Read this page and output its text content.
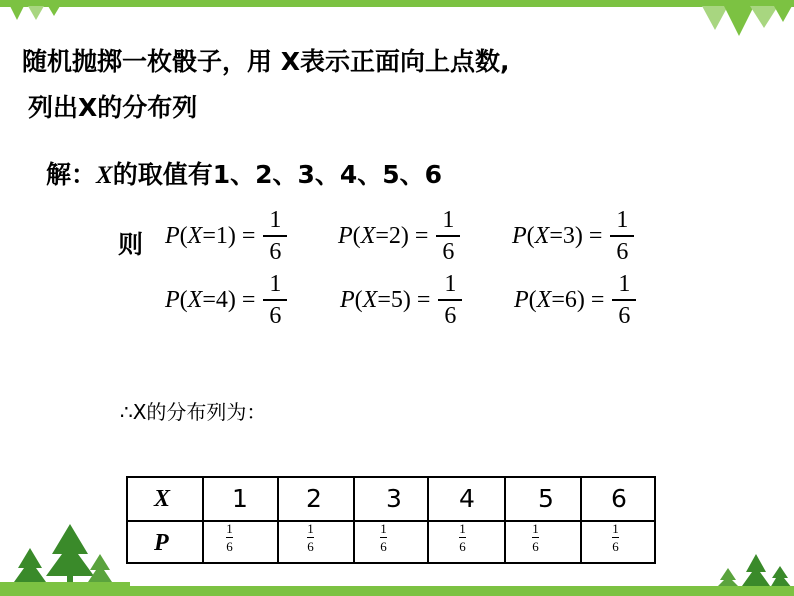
随机抛掷一枚骰子，用 X表示正面向上点数,
列出X的分布列
解：X的取值有1、2、3、4、5、6
则 P ( X = 1 ) = $\frac{1}{6}$ P ( X = 2 ) = $\frac{1}{6}$ P ( X = 3 ) = $\frac{1}{6}$
P ( X = 4 ) = $\frac{1}{6}$ P ( X = 5 ) = $\frac{1}{6}$ P ( X = 6 ) = $\frac{1}{6}$
∴X的分布列为：
X
P
1 2	3 4	5 6
1
6
1
6
1
6
1
6
1
6
1
6
